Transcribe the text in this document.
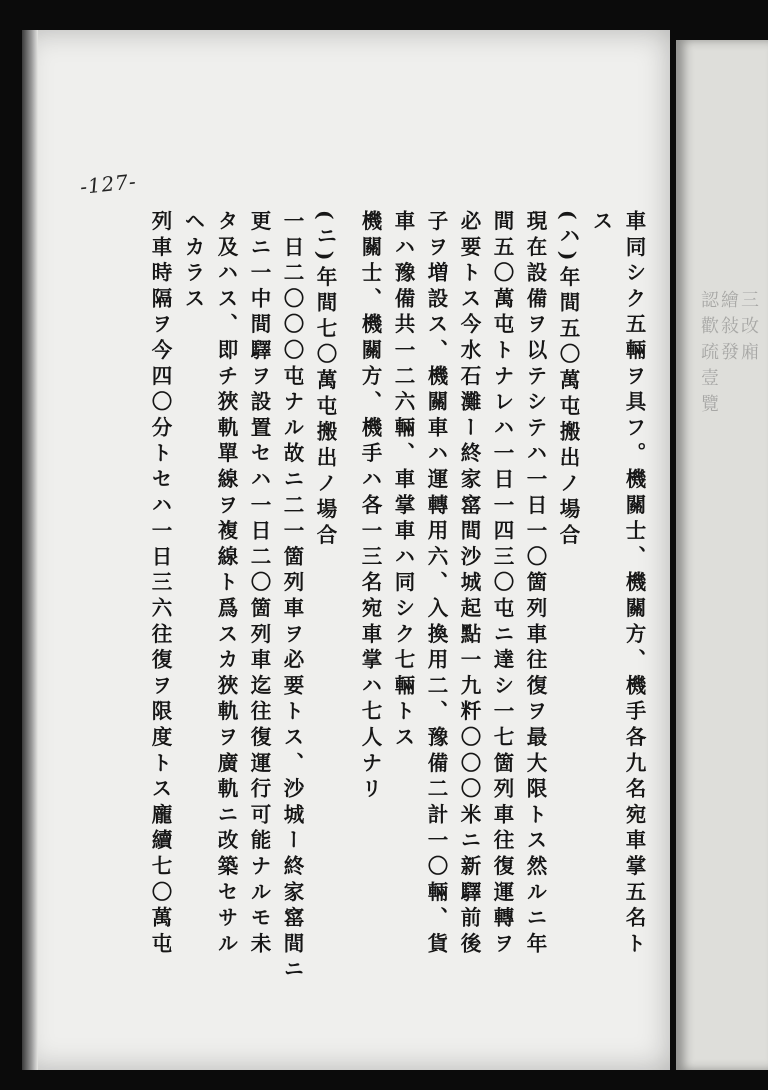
-127-
三改廂
繪敍發
認歡疏壹覽
車同シク五輛ヲ具フ。機關士、機關方、機手各九名宛車掌五名ト
ス
(ハ)年間五〇萬屯搬出ノ場合
現在設備ヲ以テシテハ一日一〇箇列車往復ヲ最大限トス然ルニ年
間五〇萬屯トナレハ一日一四三〇屯ニ達シ一七箇列車往復運轉ヲ
必要トス今水石灘ー終家窰間沙城起點一九粁〇〇〇米ニ新驛前後
子ヲ増設ス、機關車ハ運轉用六、入換用二、豫備二計一〇輛、貨
車ハ豫備共一二六輛、車掌車ハ同シク七輛トス
機關士、機關方、機手ハ各一三名宛車掌ハ七人ナリ
(ニ)年間七〇萬屯搬出ノ場合
一日二〇〇〇屯ナル故ニ二一箇列車ヲ必要トス、沙城ー終家窰間ニ
更ニ一中間驛ヲ設置セハ一日二〇箇列車迄往復運行可能ナルモ未
タ及ハス、即チ狹軌單線ヲ複線ト爲スカ狹軌ヲ廣軌ニ改築セサル
ヘカラス
列車時隔ヲ今四〇分トセハ一日三六往復ヲ限度トス龐續七〇萬屯
